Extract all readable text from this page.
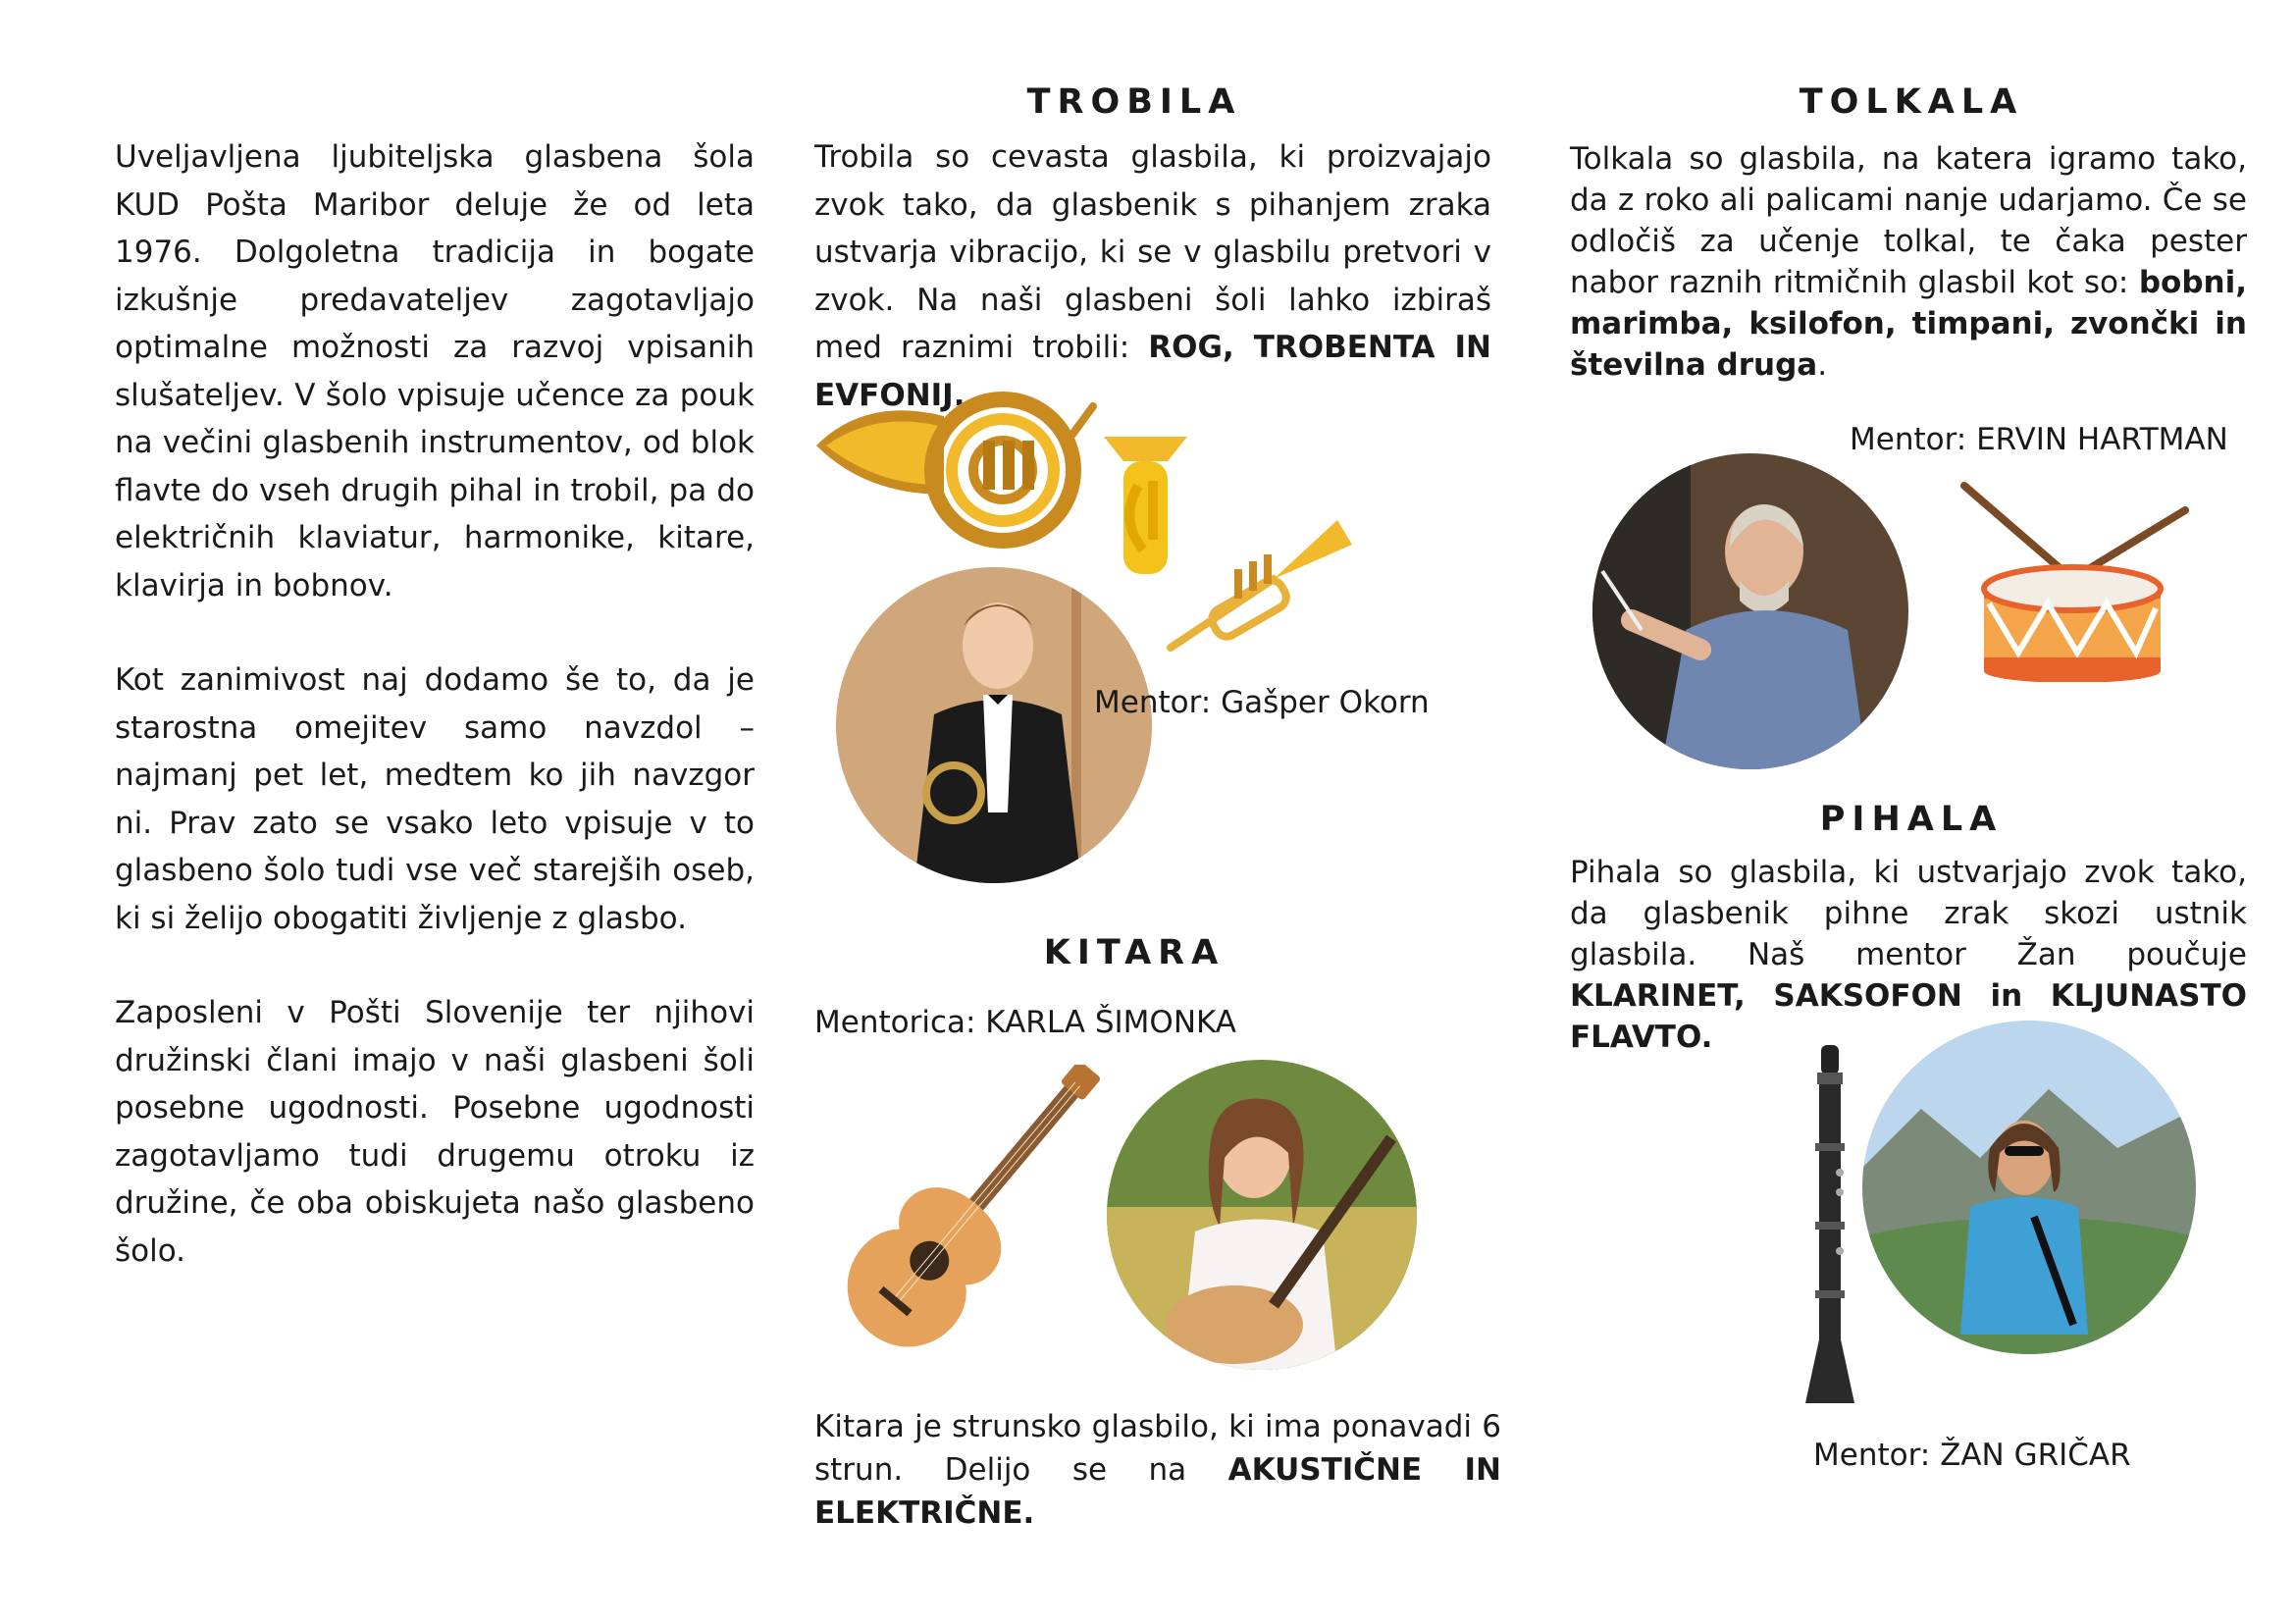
Uveljavljena ljubiteljska glasbena šola KUD Pošta Maribor deluje že od leta 1976. Dolgoletna tradicija in bogate izkušnje predavateljev zagotavljajo optimalne možnosti za razvoj vpisanih slušateljev. V šolo vpisuje učence za pouk na večini glasbenih instrumentov, od blok flavte do vseh drugih pihal in trobil, pa do električnih klaviatur, harmonike, kitare, klavirja in bobnov.

Kot zanimivost naj dodamo še to, da je starostna omejitev samo navzdol – najmanj pet let, medtem ko jih navzgor ni. Prav zato se vsako leto vpisuje v to glasbeno šolo tudi vse več starejših oseb, ki si želijo obogatiti življenje z glasbo.

Zaposleni v Pošti Slovenije ter njihovi družinski člani imajo v naši glasbeni šoli posebne ugodnosti. Posebne ugodnosti zagotavljamo tudi drugemu otroku iz družine, če oba obiskujeta našo glasbeno šolo.

TROBILA

Trobila so cevasta glasbila, ki proizvajajo zvok tako, da glasbenik s pihanjem zraka ustvarja vibracijo, ki se v glasbilu pretvori v zvok. Na naši glasbeni šoli lahko izbiraš med raznimi trobili: ROG, TROBENTA IN EVFONIJ.

Mentor: Gašper Okorn

KITARA

Mentorica: KARLA ŠIMONKA

Kitara je strunsko glasbilo, ki ima ponavadi 6 strun. Delijo se na AKUSTIČNE IN ELEKTRIČNE.

TOLKALA

Tolkala so glasbila, na katera igramo tako, da z roko ali palicami nanje udarjamo. Če se odločiš za učenje tolkal, te čaka pester nabor raznih ritmičnih glasbil kot so: bobni, marimba, ksilofon, timpani, zvončki in številna druga.

Mentor: ERVIN HARTMAN

PIHALA

Pihala so glasbila, ki ustvarjajo zvok tako, da glasbenik pihne zrak skozi ustnik glasbila. Naš mentor Žan poučuje KLARINET, SAKSOFON in KLJUNASTO FLAVTO.

Mentor: ŽAN GRIČAR
